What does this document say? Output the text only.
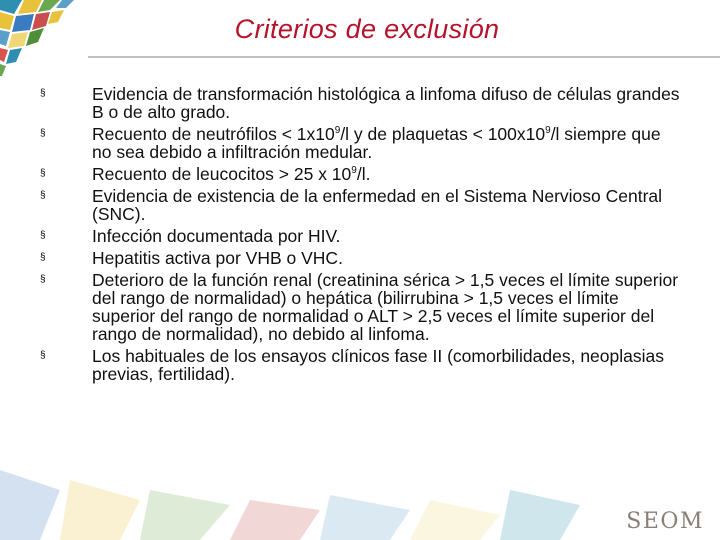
Criterios de exclusión
§
Evidencia de transformación histológica a linfoma difuso de células grandes B o de alto grado.
§
Recuento de neutrófilos < $1x10^9/l$ y de plaquetas < $100x10^9/l$ siempre que no sea debido a infiltración medular.
§
Recuento de leucocitos > 25 x $10^9/l$.
§
Evidencia de existencia de la enfermedad en el Sistema Nervioso Central (SNC).
§
Infección documentada por HIV.
§
Hepatitis activa por VHB o VHC.
§
Deterioro de la función renal (creatinina sérica > 1,5 veces el límite superior del rango de normalidad) o hepática (bilirrubina > 1,5 veces el límite superior del rango de normalidad o ALT > 2,5 veces el límite superior del rango de normalidad), no debido al linfoma.
§
Los habituales de los ensayos clínicos fase II (comorbilidades, neoplasias previas, fertilidad).
SEOM
